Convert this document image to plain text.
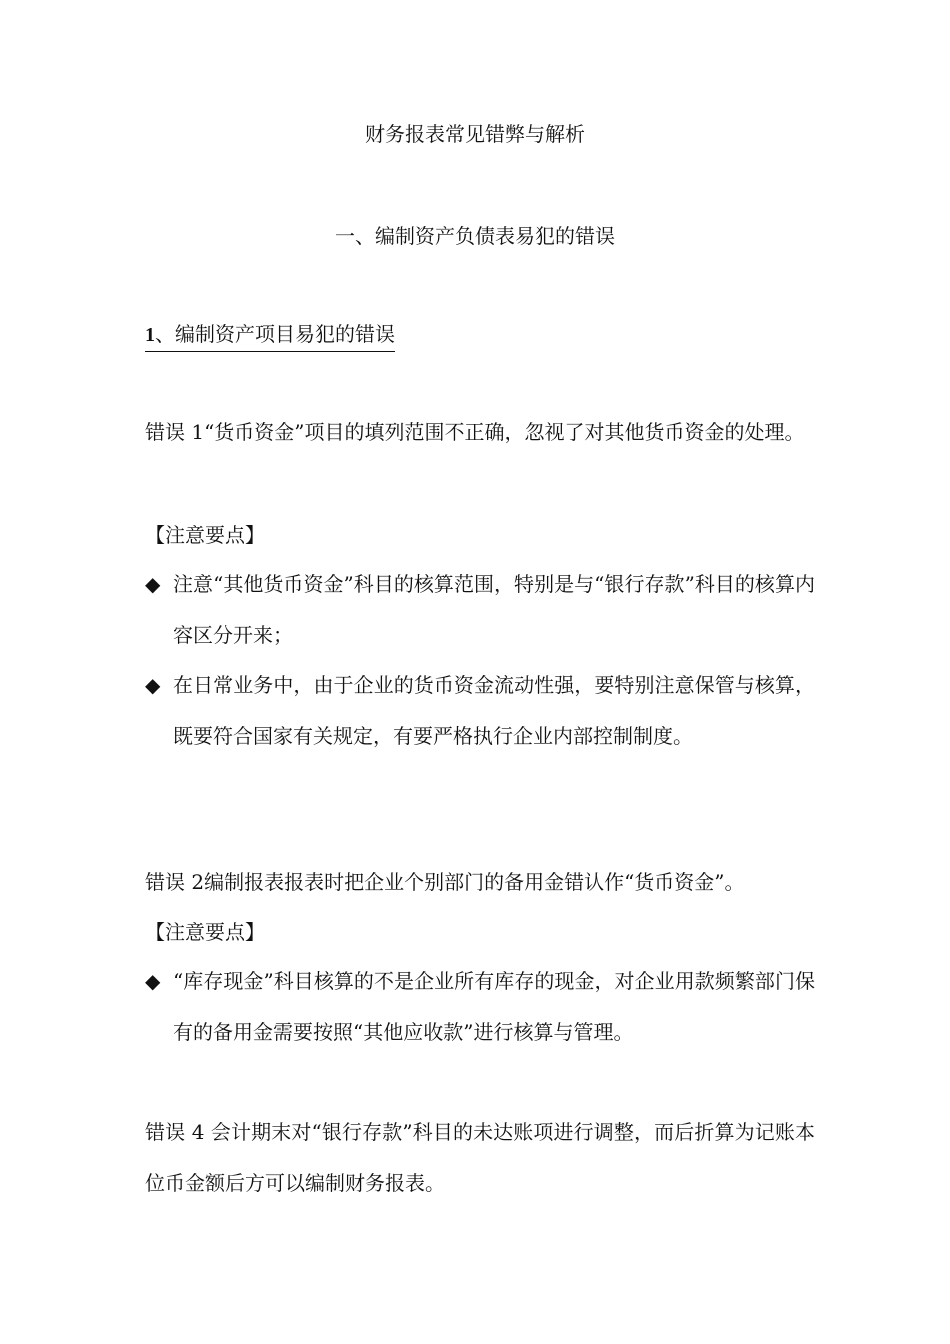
财务报表常见错弊与解析
一、编制资产负债表易犯的错误
1、编制资产项目易犯的错误
错误 1“货币资金”项目的填列范围不正确，忽视了对其他货币资金的处理。
【注意要点】
◆ 注意“其他货币资金”科目的核算范围，特别是与“银行存款”科目的核算内容区分开来；
◆ 在日常业务中，由于企业的货币资金流动性强，要特别注意保管与核算，既要符合国家有关规定，有要严格执行企业内部控制制度。
错误 2编制报表报表时把企业个别部门的备用金错认作“货币资金”。
【注意要点】
◆ “库存现金”科目核算的不是企业所有库存的现金，对企业用款频繁部门保有的备用金需要按照“其他应收款”进行核算与管理。
错误 4 会计期末对“银行存款”科目的未达账项进行调整，而后折算为记账本位币金额后方可以编制财务报表。
